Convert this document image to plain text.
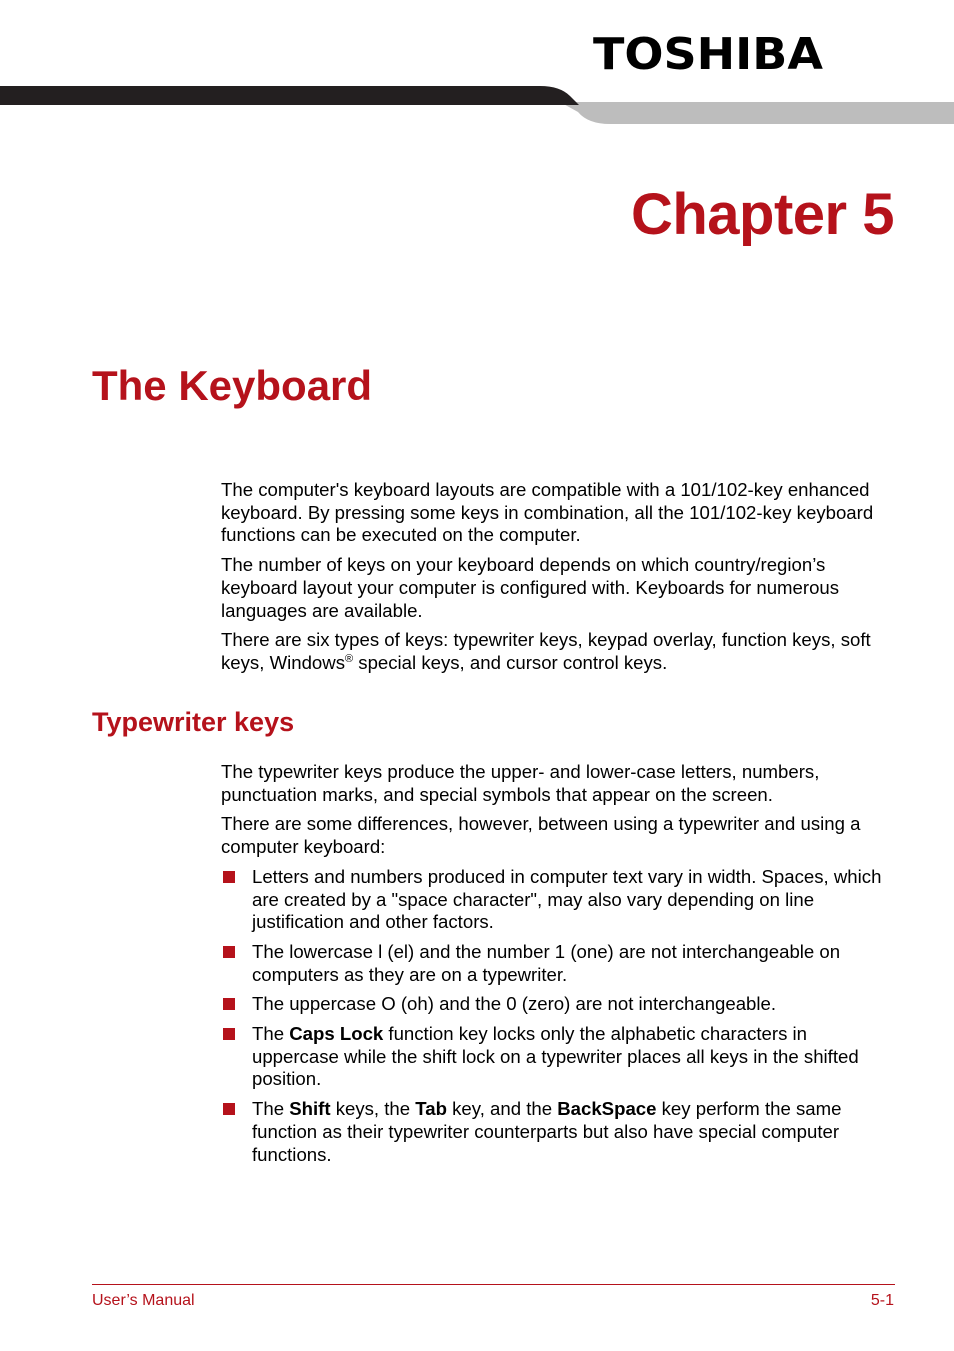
TOSHIBA
Chapter 5
The Keyboard

The computer's keyboard layouts are compatible with a 101/102-key enhanced keyboard. By pressing some keys in combination, all the 101/102-key keyboard functions can be executed on the computer.

The number of keys on your keyboard depends on which country/region’s keyboard layout your computer is configured with. Keyboards for numerous languages are available.

There are six types of keys: typewriter keys, keypad overlay, function keys, soft keys, Windows® special keys, and cursor control keys.

Typewriter keys

The typewriter keys produce the upper- and lower-case letters, numbers, punctuation marks, and special symbols that appear on the screen.

There are some differences, however, between using a typewriter and using a computer keyboard:

Letters and numbers produced in computer text vary in width. Spaces, which are created by a "space character", may also vary depending on line justification and other factors.
The lowercase l (el) and the number 1 (one) are not interchangeable on computers as they are on a typewriter.
The uppercase O (oh) and the 0 (zero) are not interchangeable.
The Caps Lock function key locks only the alphabetic characters in uppercase while the shift lock on a typewriter places all keys in the shifted position.
The Shift keys, the Tab key, and the BackSpace key perform the same function as their typewriter counterparts but also have special computer functions.
User’s Manual	5-1
